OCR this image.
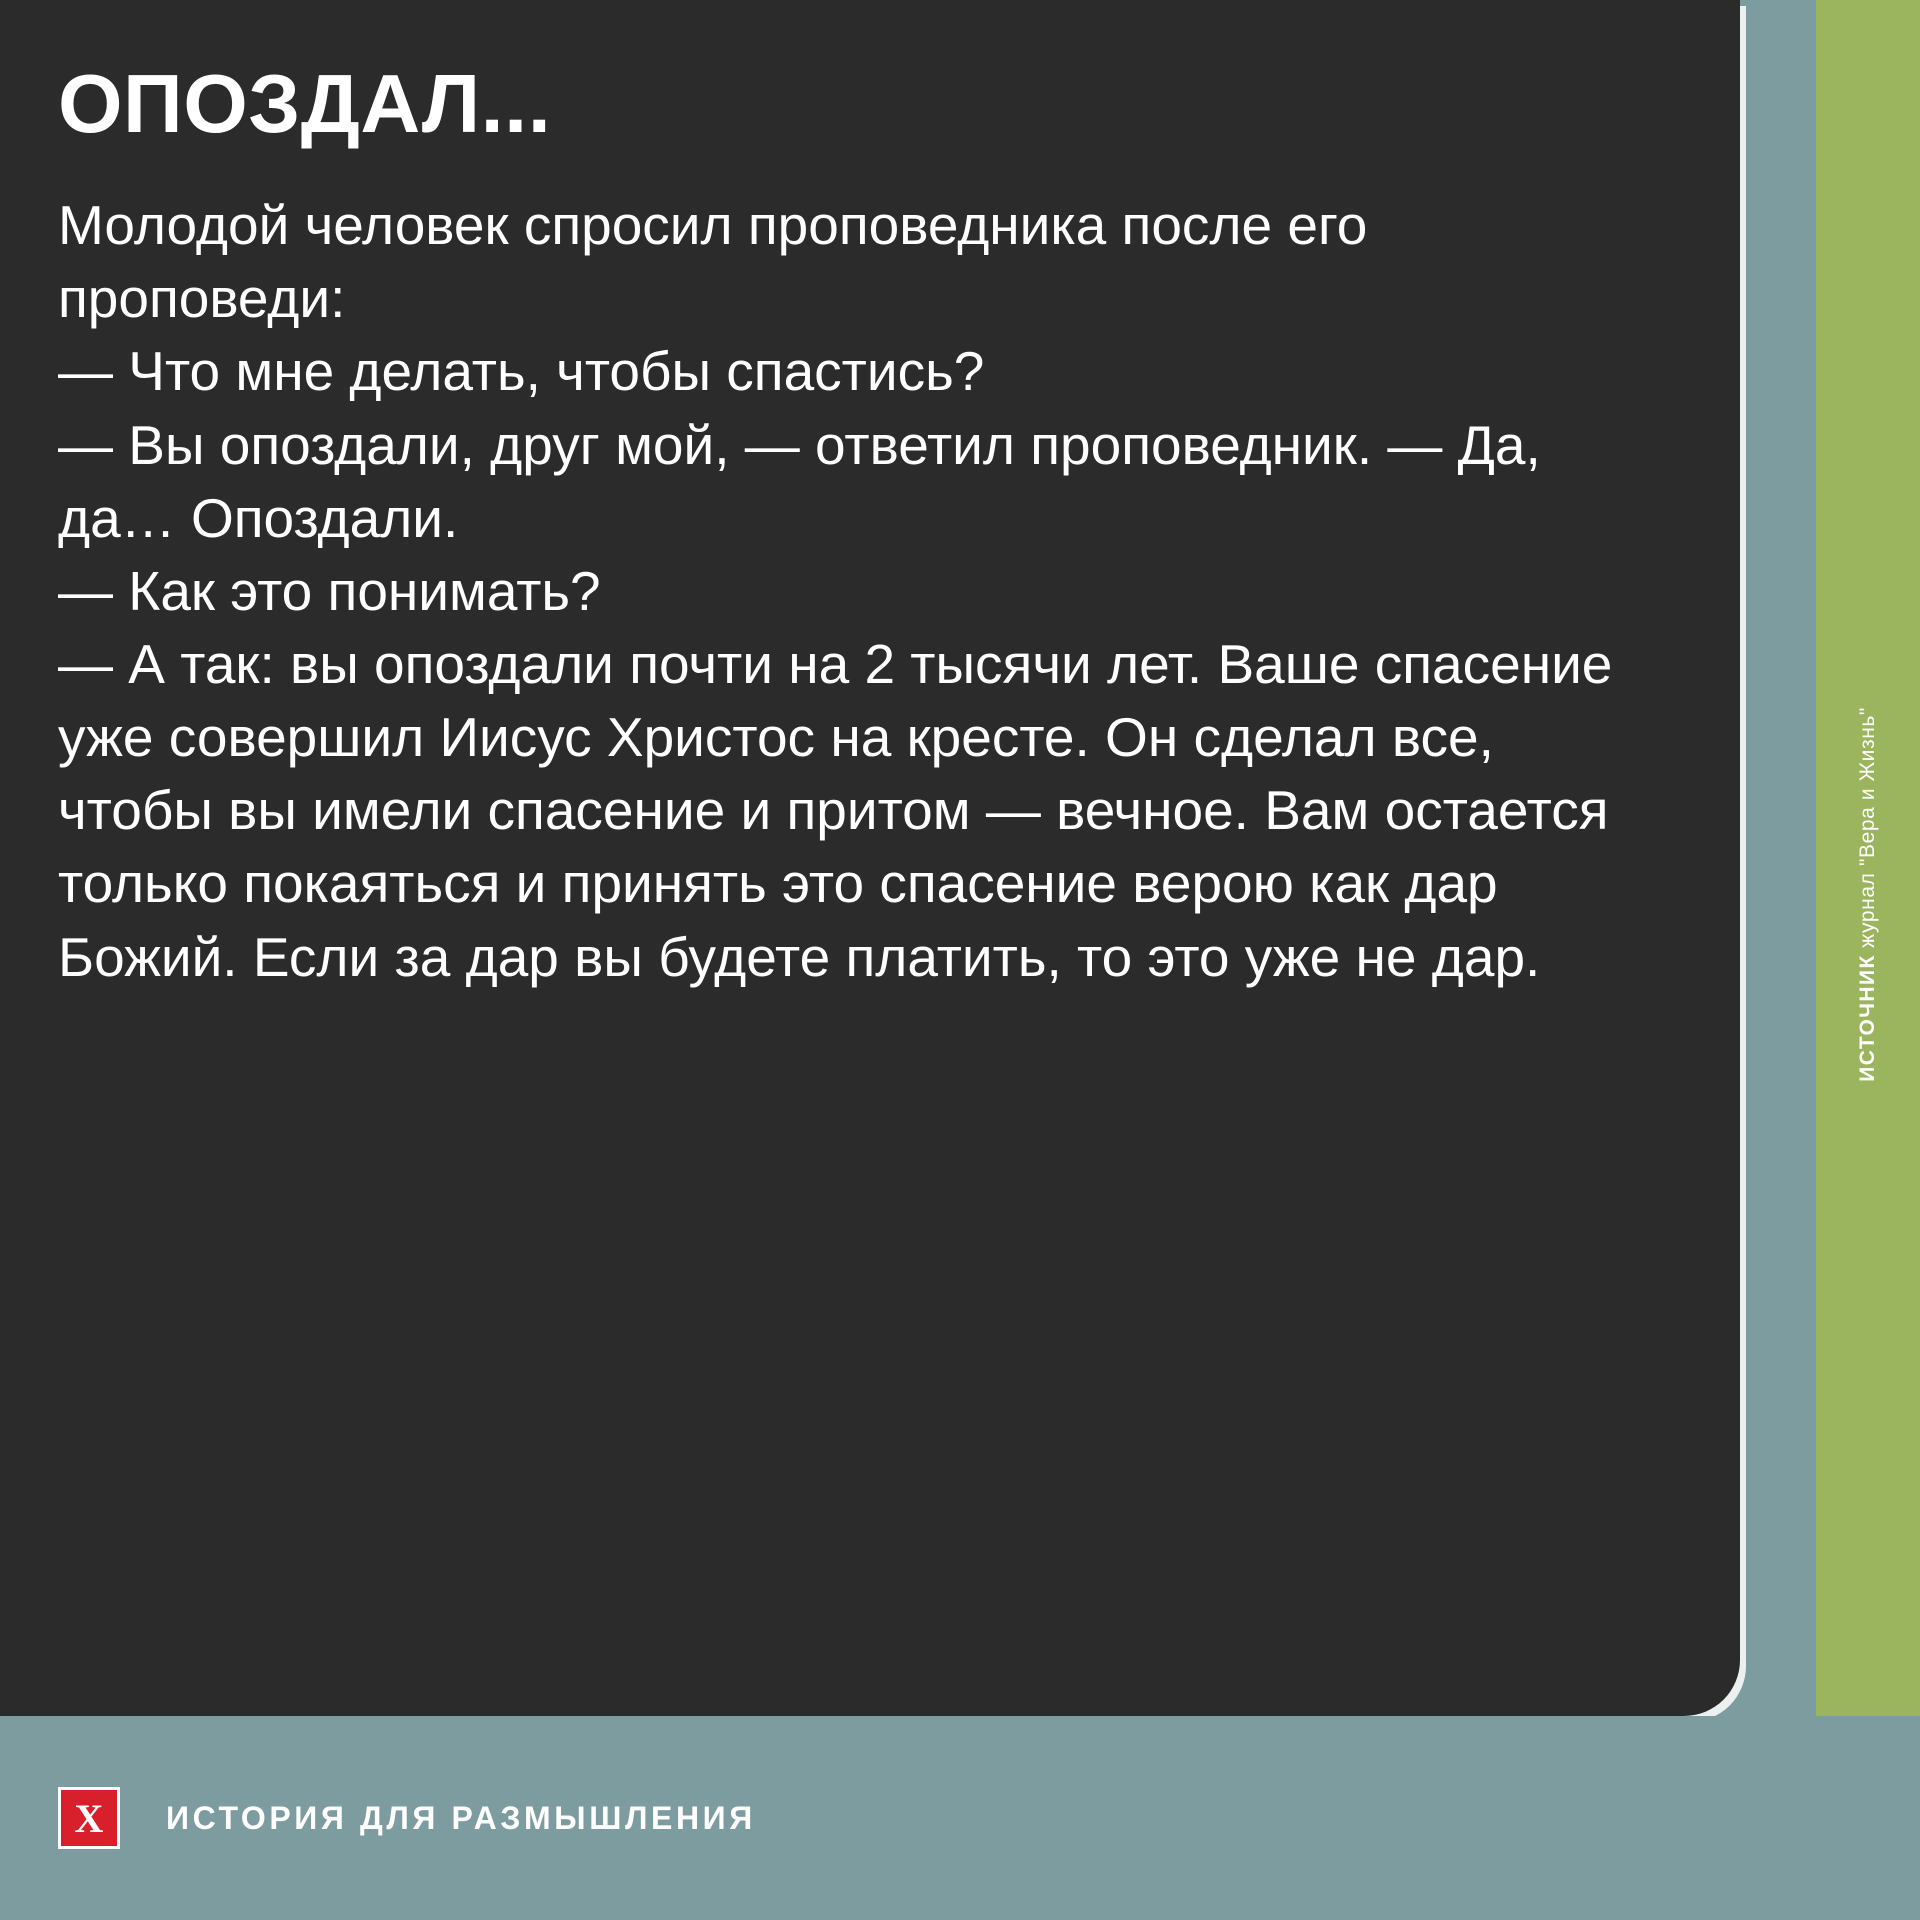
ИСТОЧНИК журнал "Вера и Жизнь"
ОПОЗДАЛ...

Молодой человек спросил проповедника после его проповеди:
— Что мне делать, чтобы спастись?
— Вы опоздали, друг мой, — ответил проповедник. — Да, да… Опоздали.
— Как это понимать?
— А так: вы опоздали почти на 2 тысячи лет. Ваше спасение уже совершил Иисус Христос на кресте. Он сделал все, чтобы вы имели спасение и притом — вечное. Вам остается только покаяться и принять это спасение верою как дар Божий. Если за дар вы будете платить, то это уже не дар.

X	ИСТОРИЯ ДЛЯ РАЗМЫШЛЕНИЯ
